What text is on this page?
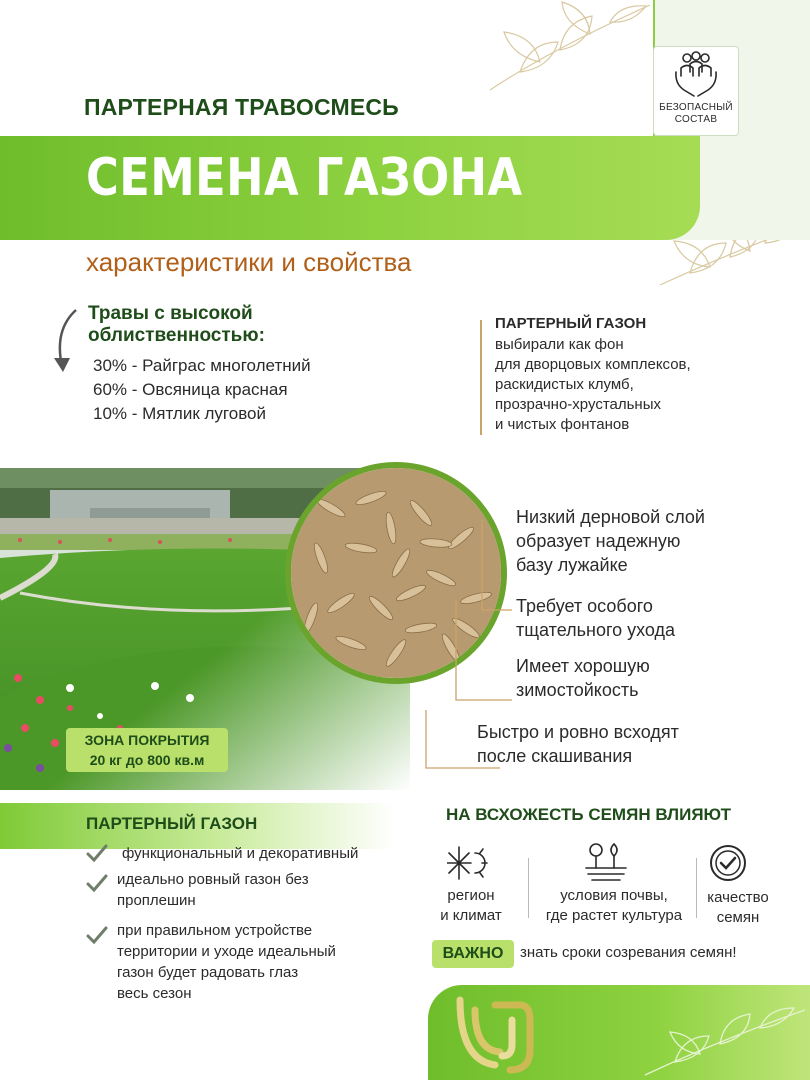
БЕЗОПАСНЫЙ
СОСТАВ
ПАРТЕРНАЯ ТРАВОСМЕСЬ
СЕМЕНА ГАЗОНА
характеристики и свойства
Травы с высокой
облиственностью:
30% - Райграс многолетний
60% - Овсяница красная
10% - Мятлик луговой
ПАРТЕРНЫЙ ГАЗОН
выбирали как фон
для дворцовых комплексов,
раскидистых клумб,
прозрачно-хрустальных
и чистых фонтанов
Низкий дерновой слой
образует надежную
базу лужайке
Требует особого
тщательного ухода
Имеет хорошую
зимостойкость
Быстро и ровно всходят
после скашивания
ЗОНА ПОКРЫТИЯ
20 кг до 800 кв.м
ПАРТЕРНЫЙ ГАЗОН
функциональный и декоративный
идеально ровный газон без
проплешин
при правильном устройстве
территории и уходе идеальный
газон будет радовать глаз
весь сезон
НА ВСХОЖЕСТЬ СЕМЯН ВЛИЯЮТ
регион
и климат
условия почвы,
где растет культура
качество
семян
ВАЖНО	знать сроки созревания семян!
